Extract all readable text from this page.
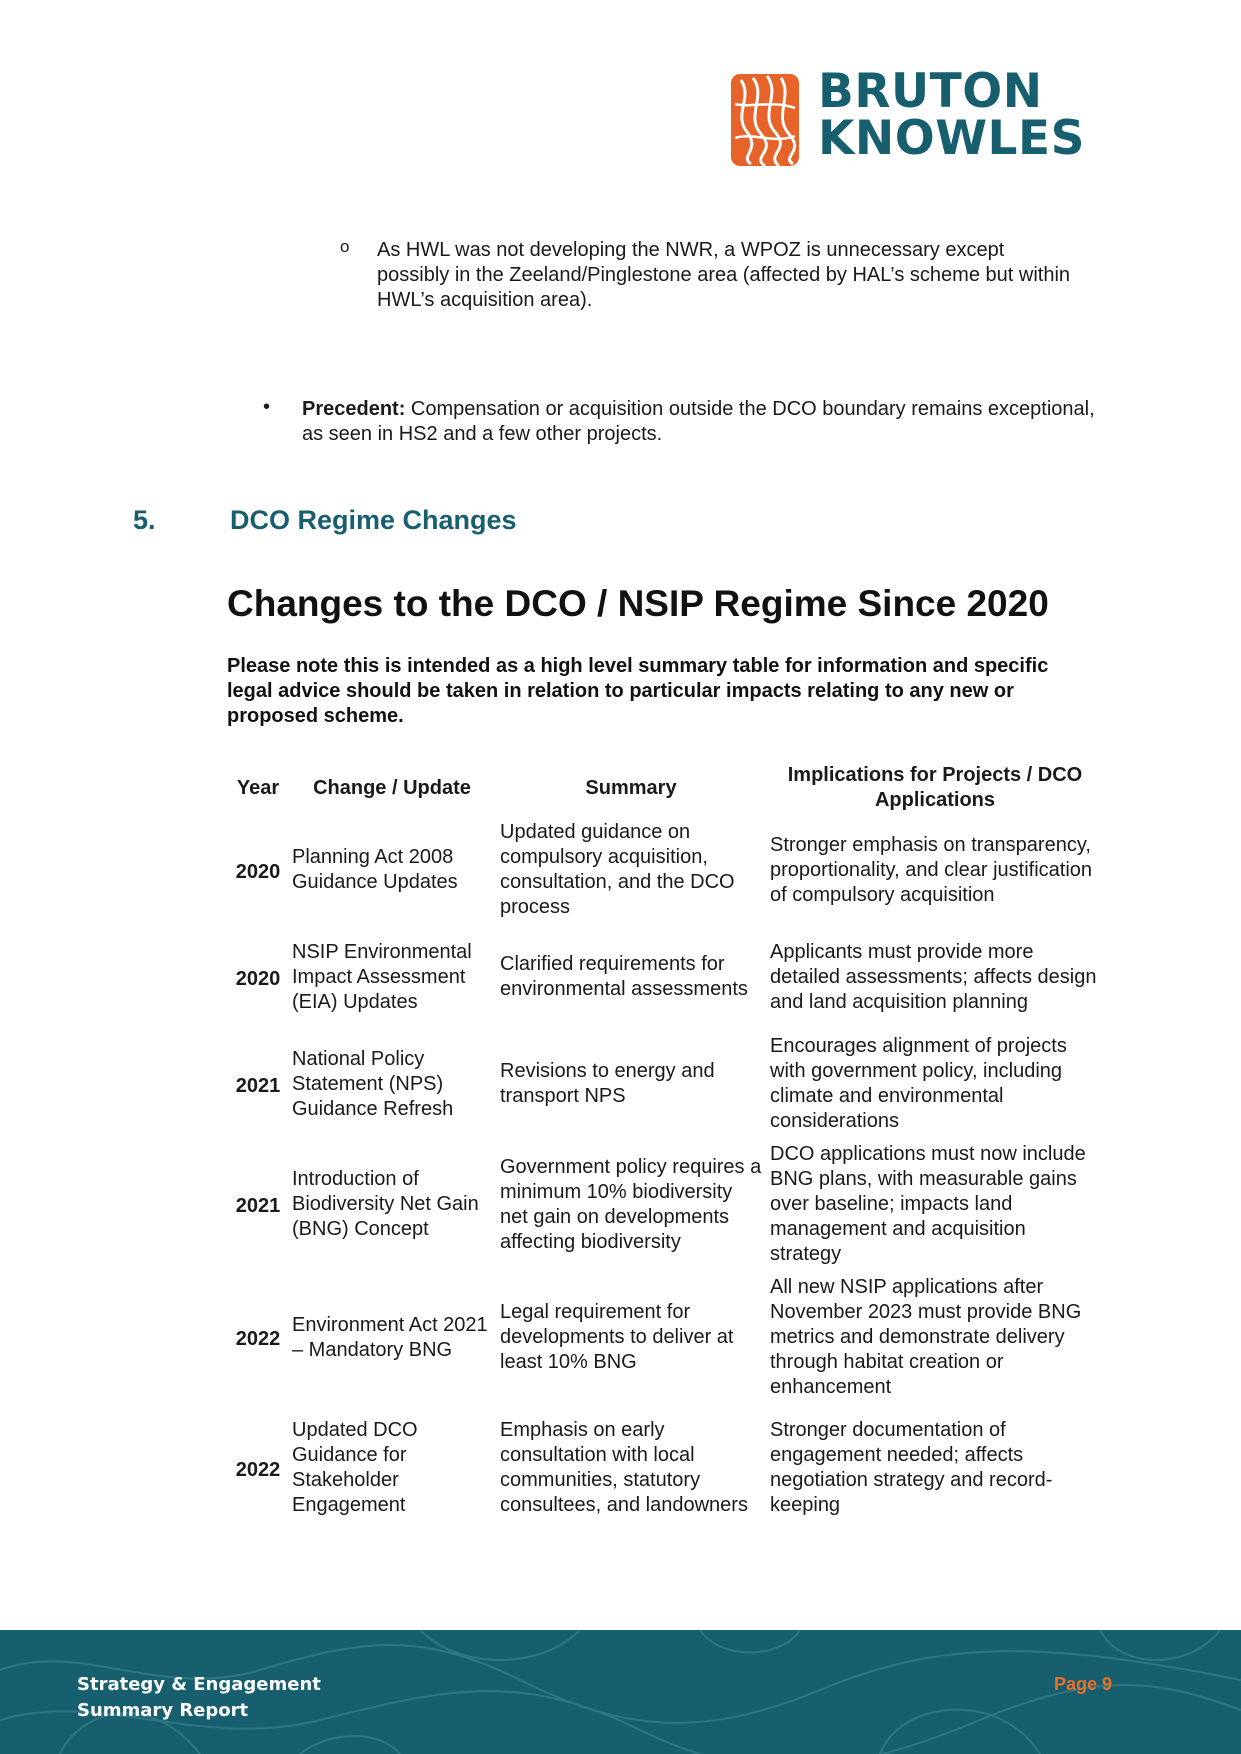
BRUTON
KNOWLES
o As HWL was not developing the NWR, a WPOZ is unnecessary except possibly in the Zeeland/Pinglestone area (affected by HAL’s scheme but within HWL’s acquisition area).
• Precedent: Compensation or acquisition outside the DCO boundary remains exceptional, as seen in HS2 and a few other projects.
5.	DCO Regime Changes
Changes to the DCO / NSIP Regime Since 2020
Please note this is intended as a high level summary table for information and specific legal advice should be taken in relation to particular impacts relating to any new or proposed scheme.
Year	Change / Update	Summary	Implications for Projects / DCO Applications
2020	Planning Act 2008 Guidance Updates	Updated guidance on compulsory acquisition, consultation, and the DCO process	Stronger emphasis on transparency, proportionality, and clear justification of compulsory acquisition
2020	NSIP Environmental Impact Assessment (EIA) Updates	Clarified requirements for environmental assessments	Applicants must provide more detailed assessments; affects design and land acquisition planning
2021	National Policy Statement (NPS) Guidance Refresh	Revisions to energy and transport NPS	Encourages alignment of projects with government policy, including climate and environmental considerations
2021	Introduction of Biodiversity Net Gain (BNG) Concept	Government policy requires a minimum 10% biodiversity net gain on developments affecting biodiversity	DCO applications must now include BNG plans, with measurable gains over baseline; impacts land management and acquisition strategy
2022	Environment Act 2021 – Mandatory BNG	Legal requirement for developments to deliver at least 10% BNG	All new NSIP applications after November 2023 must provide BNG metrics and demonstrate delivery through habitat creation or enhancement
2022	Updated DCO Guidance for Stakeholder Engagement	Emphasis on early consultation with local communities, statutory consultees, and landowners	Stronger documentation of engagement needed; affects negotiation strategy and record-keeping
Strategy & Engagement
Summary Report
Page 9
